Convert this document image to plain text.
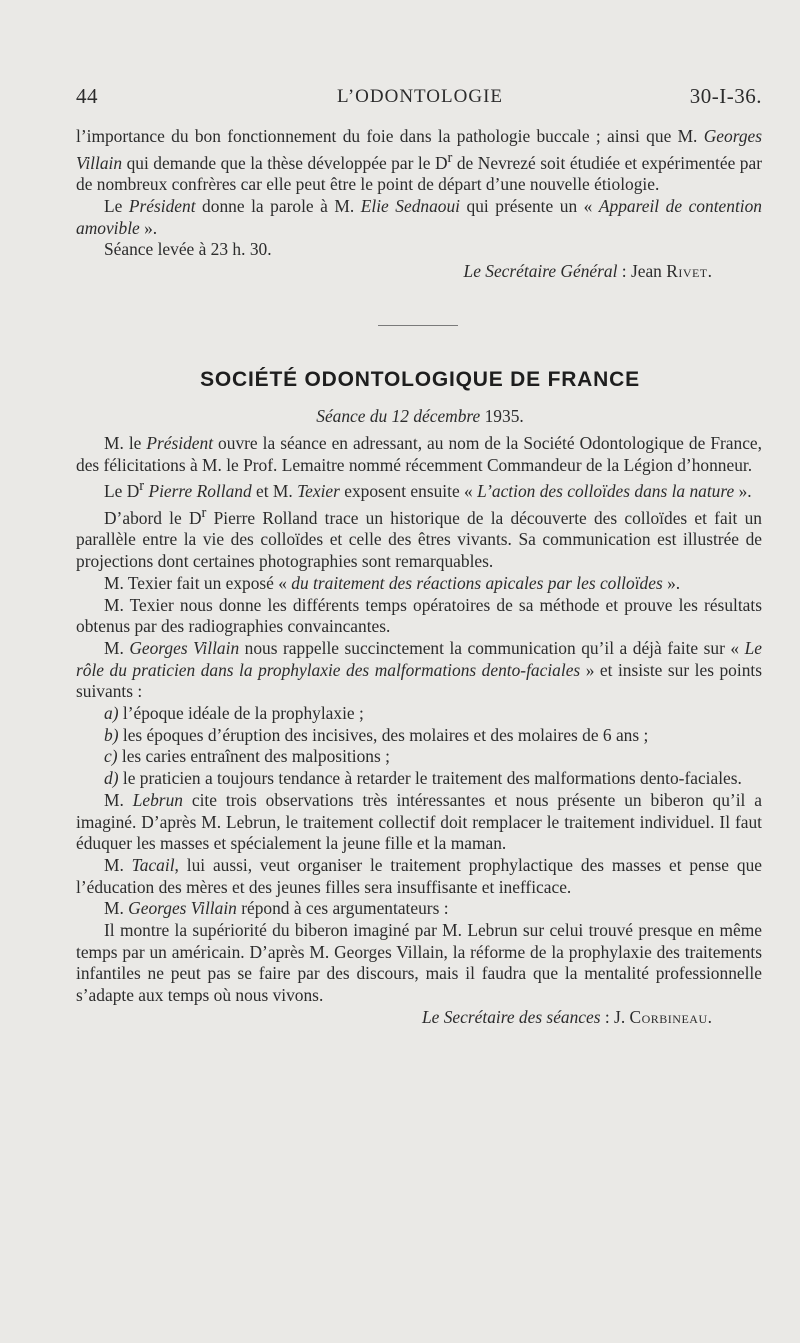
44	L’ODONTOLOGIE	30-I-36.

l’importance du bon fonctionnement du foie dans la pathologie buccale ; ainsi que M. Georges Villain qui demande que la thèse développée par le $D^r$ de Nevrezé soit étudiée et expérimentée par de nombreux confrères car elle peut être le point de départ d’une nouvelle étiologie.

Le Président donne la parole à M. Elie Sednaoui qui présente un « Appareil de contention amovible ».

Séance levée à 23 h. 30.

Le Secrétaire Général : Jean Rivet.

SOCIÉTÉ ODONTOLOGIQUE DE FRANCE
Séance du 12 décembre 1935.

M. le Président ouvre la séance en adressant, au nom de la Société Odontologique de France, des félicitations à M. le Prof. Lemaitre nommé récemment Commandeur de la Légion d’honneur.

Le $D^r$ Pierre Rolland et M. Texier exposent ensuite « L’action des colloïdes dans la nature ».

D’abord le $D^r$ Pierre Rolland trace un historique de la découverte des colloïdes et fait un parallèle entre la vie des colloïdes et celle des êtres vivants. Sa communication est illustrée de projections dont certaines photographies sont remarquables.

M. Texier fait un exposé « du traitement des réactions apicales par les colloïdes ».

M. Texier nous donne les différents temps opératoires de sa méthode et prouve les résultats obtenus par des radiographies convaincantes.

M. Georges Villain nous rappelle succinctement la communication qu’il a déjà faite sur « Le rôle du praticien dans la prophylaxie des malformations dento-faciales » et insiste sur les points suivants :

a) l’époque idéale de la prophylaxie ;

b) les époques d’éruption des incisives, des molaires et des molaires de 6 ans ;

c) les caries entraînent des malpositions ;

d) le praticien a toujours tendance à retarder le traitement des malformations dento-faciales.

M. Lebrun cite trois observations très intéressantes et nous présente un biberon qu’il a imaginé. D’après M. Lebrun, le traitement collectif doit remplacer le traitement individuel. Il faut éduquer les masses et spécialement la jeune fille et la maman.

M. Tacail, lui aussi, veut organiser le traitement prophylactique des masses et pense que l’éducation des mères et des jeunes filles sera insuffisante et inefficace.

M. Georges Villain répond à ces argumentateurs :

Il montre la supériorité du biberon imaginé par M. Lebrun sur celui trouvé presque en même temps par un américain. D’après M. Georges Villain, la réforme de la prophylaxie des traitements infantiles ne peut pas se faire par des discours, mais il faudra que la mentalité professionnelle s’adapte aux temps où nous vivons.

Le Secrétaire des séances : J. Corbineau.
